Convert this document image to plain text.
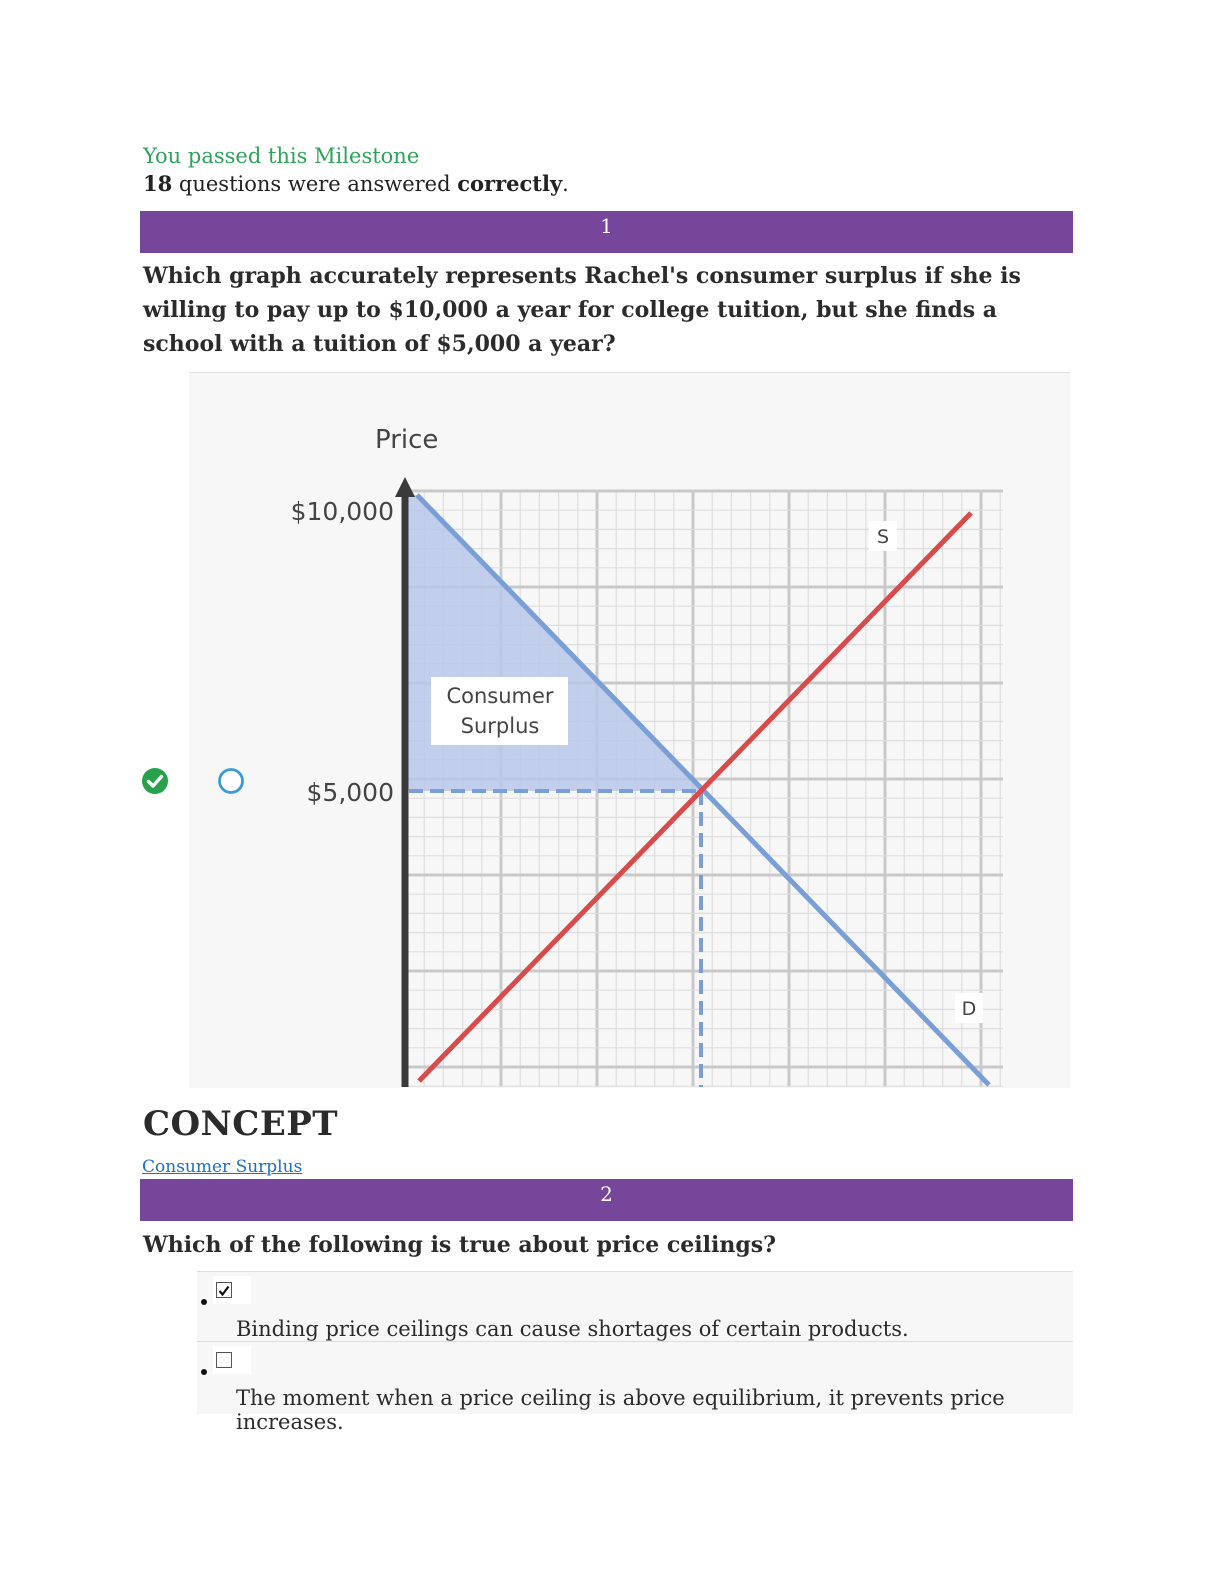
You passed this Milestone
18 questions were answered correctly.
1
Which graph accurately represents Rachel's consumer surplus if she is willing to pay up to $10,000 a year for college tuition, but she finds a school with a tuition of $5,000 a year?
Price
$10,000
$5,000
Consumer
Surplus
S
D
CONCEPT
Consumer Surplus
2
Which of the following is true about price ceilings?
Binding price ceilings can cause shortages of certain products.
The moment when a price ceiling is above equilibrium, it prevents price increases.
